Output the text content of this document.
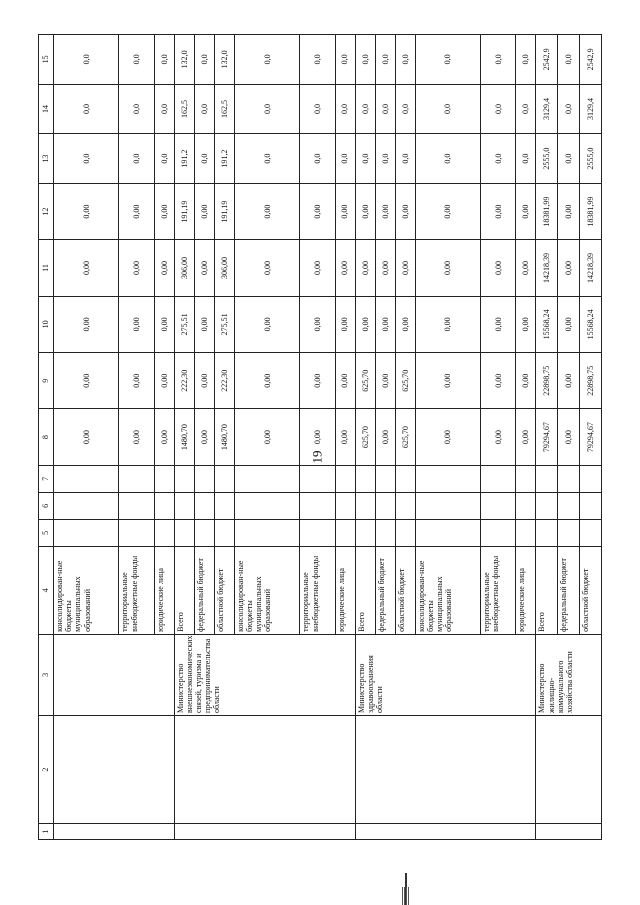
19
1	2	3	4	5	6	7	8	9	10	11	12	13	14	15
			консолидирован-ные бюджеты муниципальных образований				0,00	0,00	0,00	0,00	0,00	0,0	0,0	0,0
			территориальные внебюджетные фонды				0,00	0,00	0,00	0,00	0,00	0,0	0,0	0,0
			юридические лица				0,00	0,00	0,00	0,00	0,00	0,0	0,0	0,0
		Министерство внешнеэкономических связей, туризма и предпринимательства области	Всего				1480,70	222,30	275,51	306,00	191,19	191,2	162,5	132,0
			федеральный бюджет				0,00	0,00	0,00	0,00	0,00	0,0	0,0	0,0
			областной бюджет				1480,70	222,30	275,51	306,00	191,19	191,2	162,5	132,0
			консолидирован-ные бюджеты муниципальных образований				0,00	0,00	0,00	0,00	0,00	0,0	0,0	0,0
			территориальные внебюджетные фонды				0,00	0,00	0,00	0,00	0,00	0,0	0,0	0,0
			юридические лица				0,00	0,00	0,00	0,00	0,00	0,0	0,0	0,0
		Министерство здравоохранения области	Всего				625,70	625,70	0,00	0,00	0,00	0,0	0,0	0,0
			федеральный бюджет				0,00	0,00	0,00	0,00	0,00	0,0	0,0	0,0
			областной бюджет				625,70	625,70	0,00	0,00	0,00	0,0	0,0	0,0
			консолидирован-ные бюджеты муниципальных образований				0,00	0,00	0,00	0,00	0,00	0,0	0,0	0,0
			территориальные внебюджетные фонды				0,00	0,00	0,00	0,00	0,00	0,0	0,0	0,0
			юридические лица				0,00	0,00	0,00	0,00	0,00	0,0	0,0	0,0
		Министерство жилищно-коммунального хозяйства области	Всего				79294,67	22898,75	15568,24	14218,39	18381,99	2555,0	3129,4	2542,9
			федеральный бюджет				0,00	0,00	0,00	0,00	0,00	0,0	0,0	0,0
			областной бюджет				79294,67	22898,75	15568,24	14218,39	18381,99	2555,0	3129,4	2542,9
